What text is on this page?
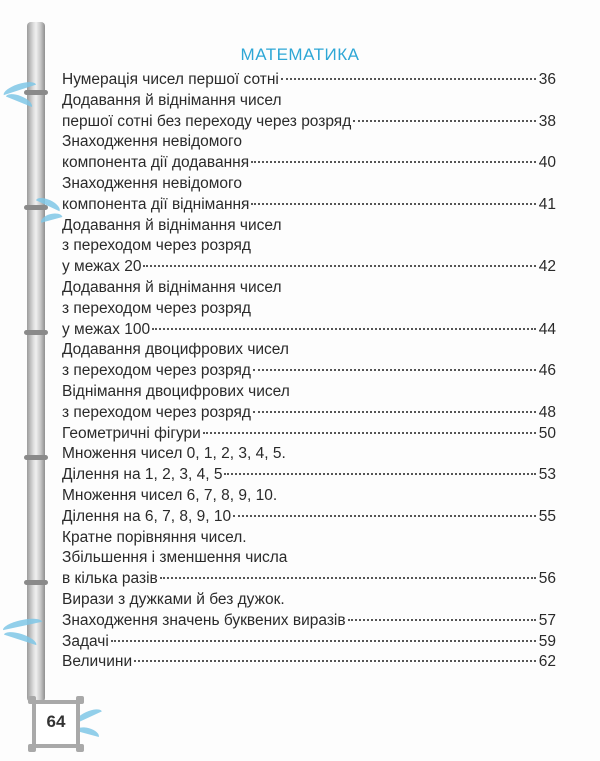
64
МАТЕМАТИКА
Нумерація чисел першої сотні	36
Додавання й віднімання чисел
першої сотні без переходу через розряд	38
Знаходження невідомого
компонента дії додавання	40
Знаходження невідомого
компонента дії віднімання	41
Додавання й віднімання чисел
з переходом через розряд
у межах 20	42
Додавання й віднімання чисел
з переходом через розряд
у межах 100	44
Додавання двоцифрових чисел
з переходом через розряд	46
Віднімання двоцифрових чисел
з переходом через розряд	48
Геометричні фігури	50
Множення чисел 0, 1, 2, 3, 4, 5.
Ділення на 1, 2, 3, 4, 5	53
Множення чисел 6, 7, 8, 9, 10.
Ділення на 6, 7, 8, 9, 10	55
Кратне порівняння чисел.
Збільшення і зменшення числа
в кілька разів	56
Вирази з дужками й без дужок.
Знаходження значень буквених виразів	57
Задачі	59
Величини	62
